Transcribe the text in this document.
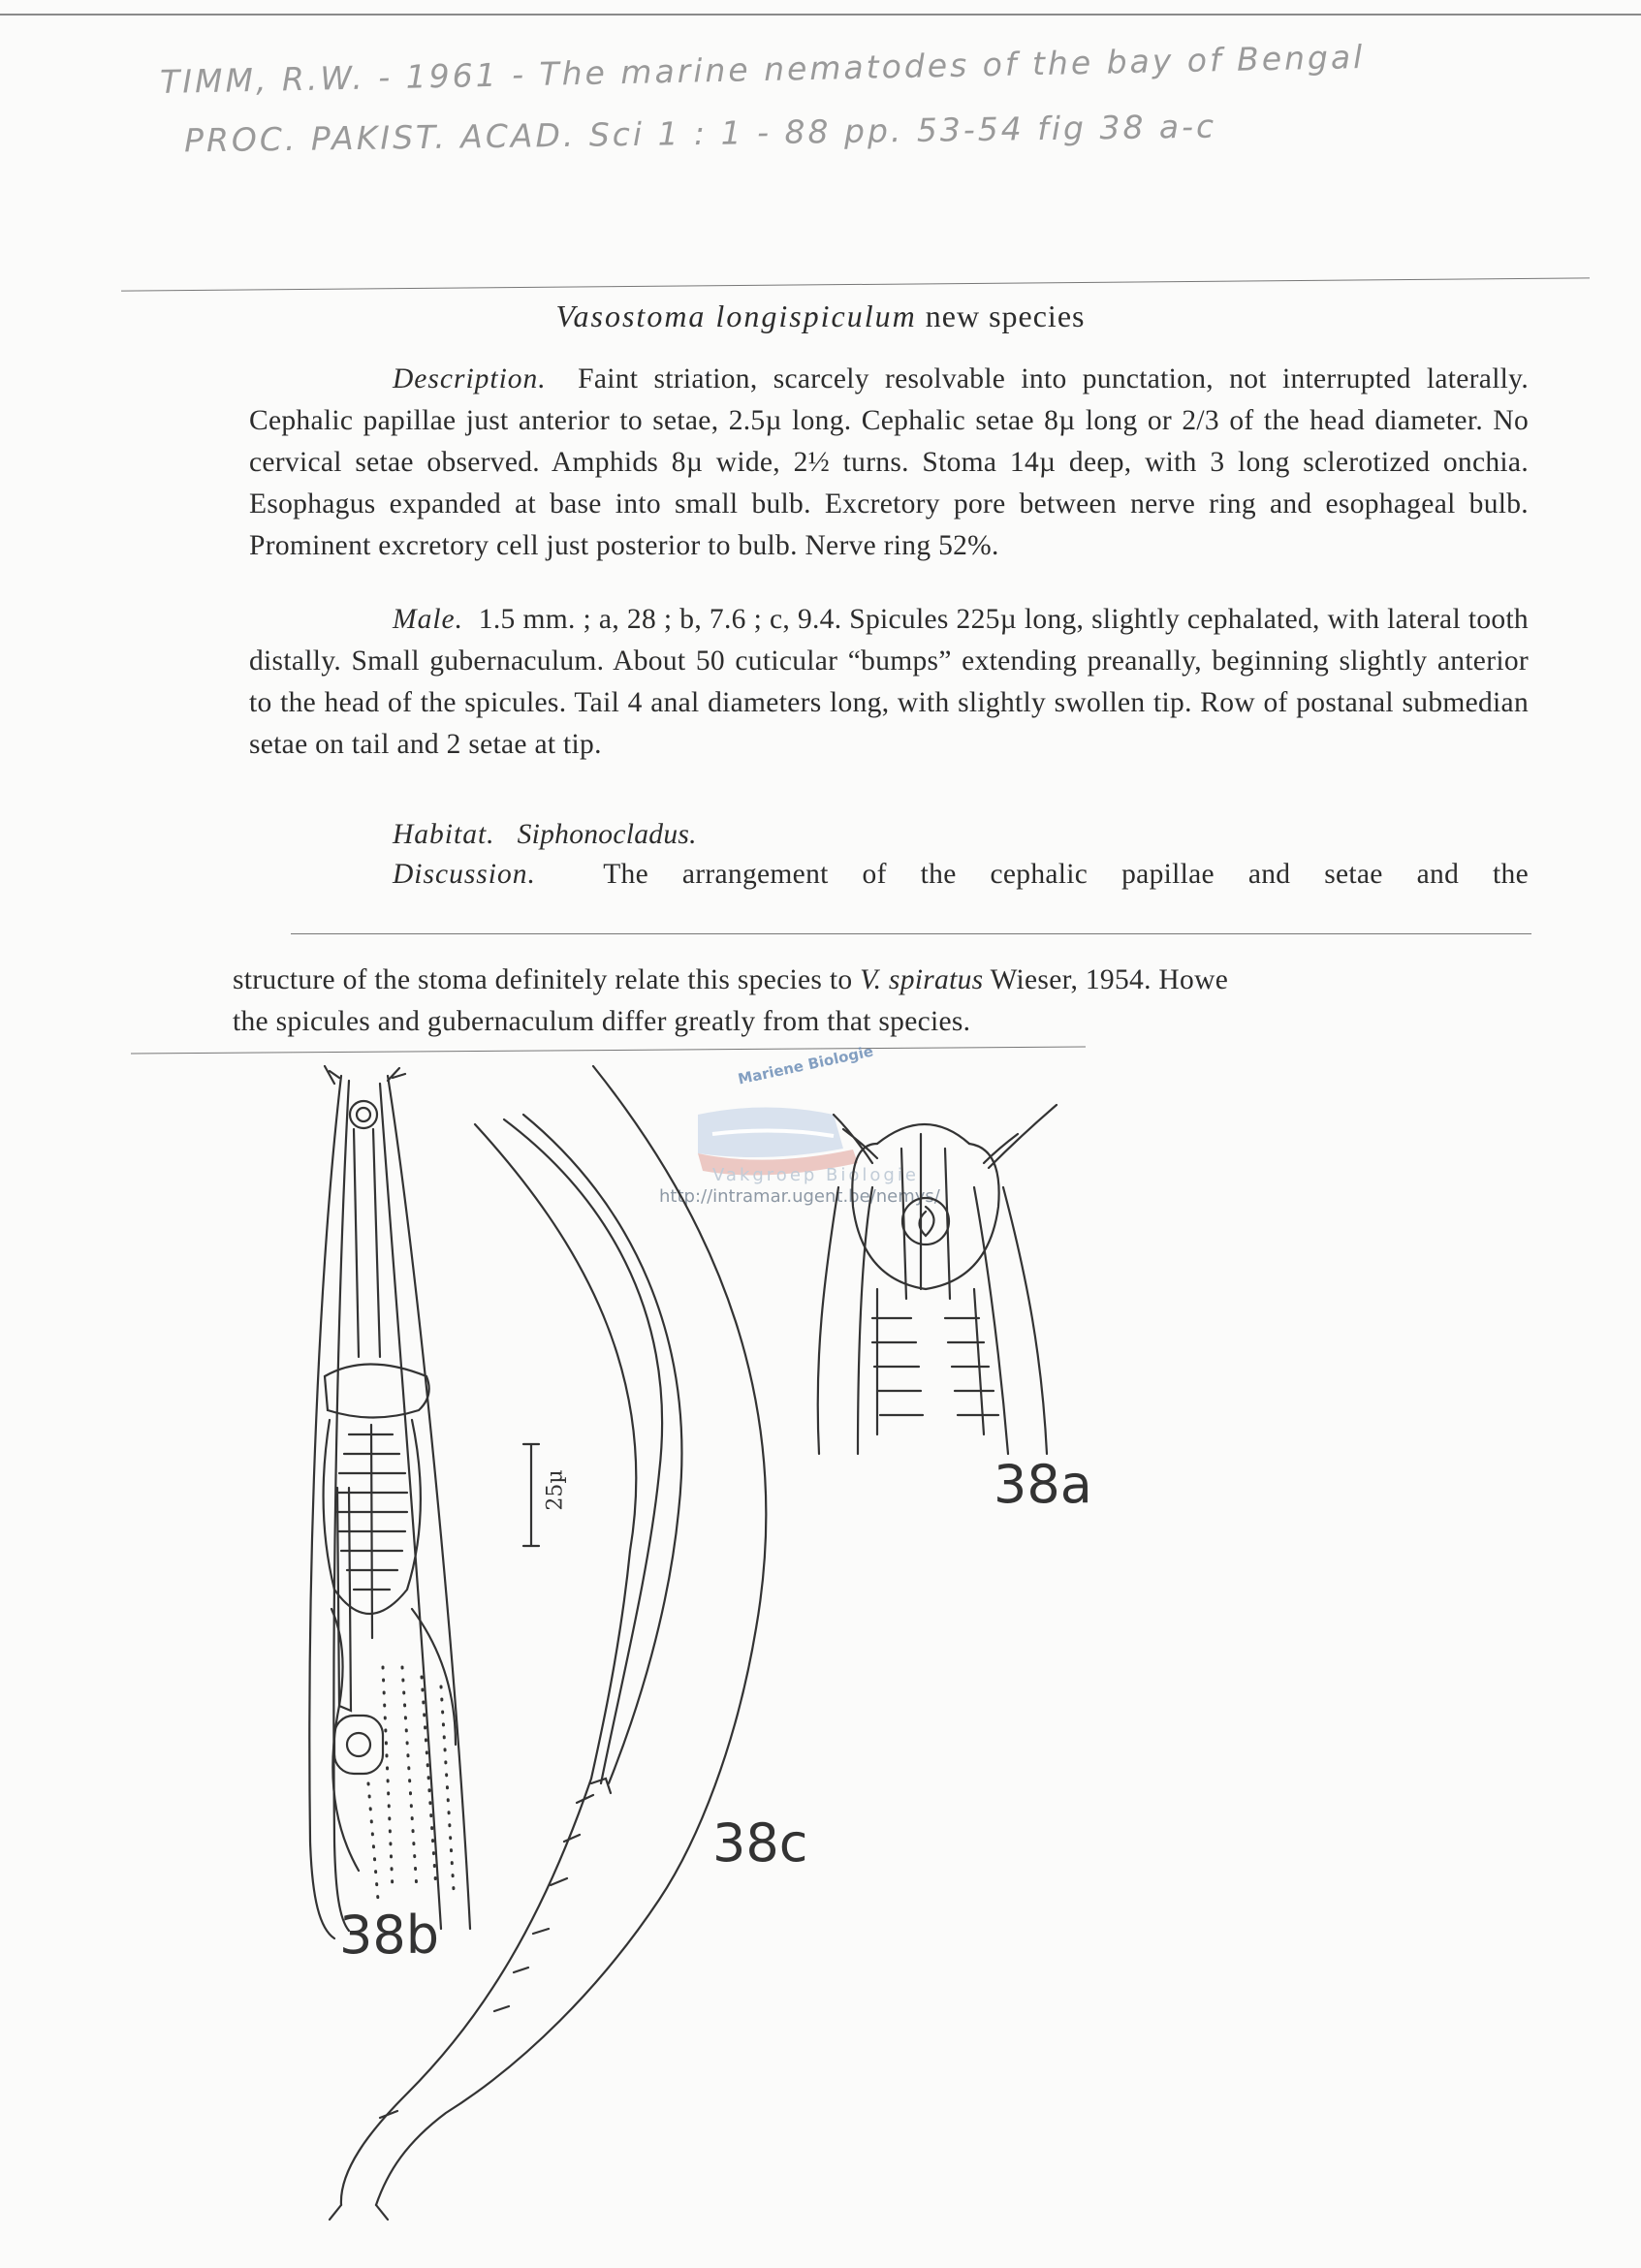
TIMM, R.W. - 1961 - The marine nematodes of the bay of Bengal
PROC. PAKIST. ACAD. Sci 1 : 1 - 88 pp. 53-54 fig 38 a-c
Vasostoma longispiculum new species
Description. Faint striation, scarcely resolvable into punctation, not interrupted laterally. Cephalic papillae just anterior to setae, 2.5µ long. Cephalic setae 8µ long or 2/3 of the head diameter. No cervical setae observed. Amphids 8µ wide, 2½ turns. Stoma 14µ deep, with 3 long sclerotized onchia. Esophagus expanded at base into small bulb. Excretory pore between nerve ring and esophageal bulb. Prominent excretory cell just posterior to bulb. Nerve ring 52%.
Male. 1.5 mm. ; a, 28 ; b, 7.6 ; c, 9.4. Spicules 225µ long, slightly cephalated, with lateral tooth distally. Small gubernaculum. About 50 cuticular “bumps” extending preanally, beginning slightly anterior to the head of the spicules. Tail 4 anal diameters long, with slightly swollen tip. Row of postanal submedian setae on tail and 2 setae at tip.
Habitat. Siphonocladus.
Discussion. The arrangement of the cephalic papillae and setae and the
structure of the stoma definitely relate this species to V. spiratus Wieser, 1954. Howe
the spicules and gubernaculum differ greatly from that species.
Mariene Biologie
Vakgroep Biologie
http://intramar.ugent.be/nemys/
25µ	38a
38b
38c
